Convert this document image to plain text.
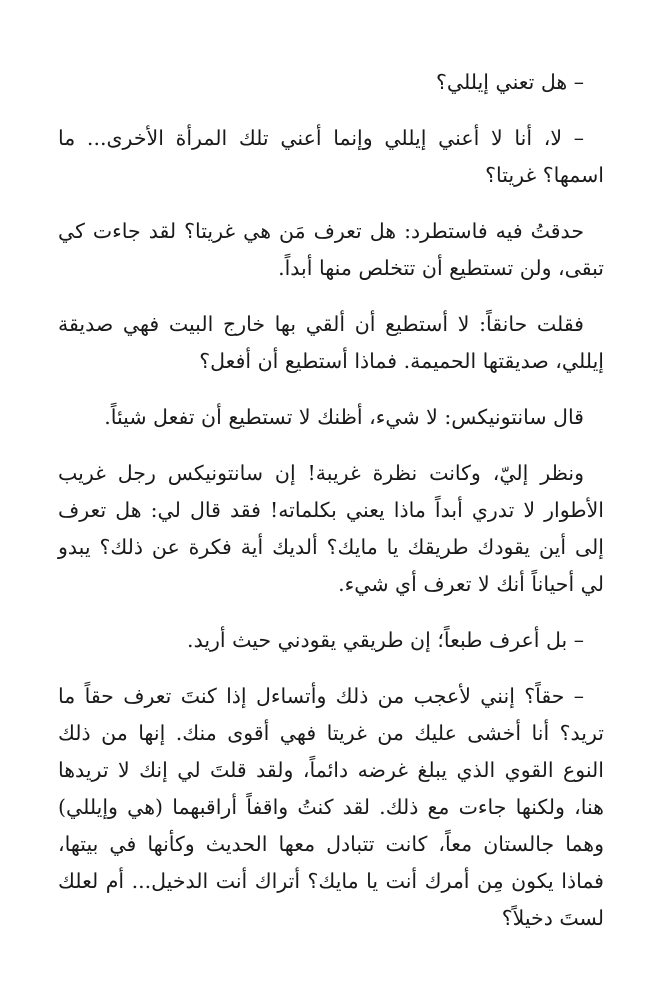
– هل تعني إيللي؟

– لا، أنا لا أعني إيللي وإنما أعني تلك المرأة الأخرى... ما اسمها؟ غريتا؟

حدقتُ فيه فاستطرد: هل تعرف مَن هي غريتا؟ لقد جاءت كي تبقى، ولن تستطيع أن تتخلص منها أبداً.

فقلت حانقاً: لا أستطيع أن ألقي بها خارج البيت فهي صديقة إيللي، صديقتها الحميمة. فماذا أستطيع أن أفعل؟

قال سانتونيكس: لا شيء، أظنك لا تستطيع أن تفعل شيئاً.

ونظر إليّ، وكانت نظرة غريبة! إن سانتونيكس رجل غريب الأطوار لا تدري أبداً ماذا يعني بكلماته! فقد قال لي: هل تعرف إلى أين يقودك طريقك يا مايك؟ ألديك أية فكرة عن ذلك؟ يبدو لي أحياناً أنك لا تعرف أي شيء.

– بل أعرف طبعاً؛ إن طريقي يقودني حيث أريد.

– حقاً؟ إنني لأعجب من ذلك وأتساءل إذا كنتَ تعرف حقاً ما تريد؟ أنا أخشى عليك من غريتا فهي أقوى منك. إنها من ذلك النوع القوي الذي يبلغ غرضه دائماً، ولقد قلتَ لي إنك لا تريدها هنا، ولكنها جاءت مع ذلك. لقد كنتُ واقفاً أراقبهما (هي وإيللي) وهما جالستان معاً، كانت تتبادل معها الحديث وكأنها في بيتها، فماذا يكون مِن أمرك أنت يا مايك؟ أتراك أنت الدخيل... أم لعلك لستَ دخيلاً؟
